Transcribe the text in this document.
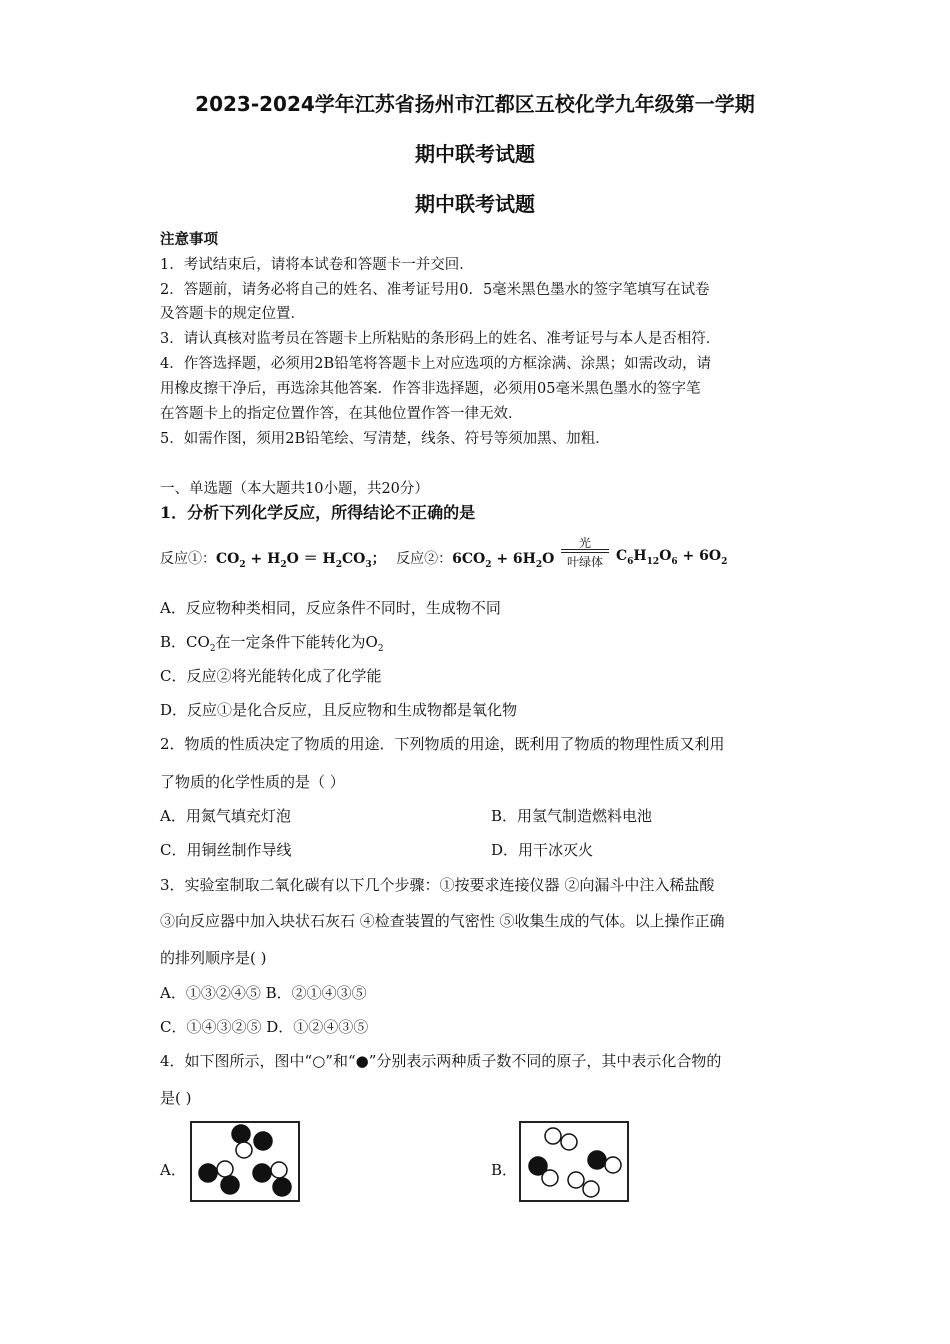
2023-2024学年江苏省扬州市江都区五校化学九年级第一学期
期中联考试题
期中联考试题
注意事项
1．考试结束后，请将本试卷和答题卡一并交回．
2．答题前，请务必将自己的姓名、准考证号用0．5毫米黑色墨水的签字笔填写在试卷
及答题卡的规定位置．
3．请认真核对监考员在答题卡上所粘贴的条形码上的姓名、准考证号与本人是否相符．
4．作答选择题，必须用2B铅笔将答题卡上对应选项的方框涂满、涂黑；如需改动，请
用橡皮擦干净后，再选涂其他答案．作答非选择题，必须用05毫米黑色墨水的签字笔
在答题卡上的指定位置作答，在其他位置作答一律无效．
5．如需作图，须用2B铅笔绘、写清楚，线条、符号等须加黑、加粗．
一、单选题（本大题共10小题，共20分）
1．分析下列化学反应，所得结论不正确的是
反应①：$CO_2 + H_2O = H_2CO_3$； 反应②：$6CO_2 + 6H_2O$
光
叶绿体 $C_6H_{12}O_6 + 6O_2$
A．反应物种类相同，反应条件不同时，生成物不同
B．$CO_2$在一定条件下能转化为$O_2$
C．反应②将光能转化成了化学能
D．反应①是化合反应，且反应物和生成物都是氧化物
2．物质的性质决定了物质的用途．下列物质的用途，既利用了物质的物理性质又利用
了物质的化学性质的是（ ）
A．用氮气填充灯泡	B．用氢气制造燃料电池
C．用铜丝制作导线	D．用干冰灭火
3．实验室制取二氧化碳有以下几个步骤：①按要求连接仪器 ②向漏斗中注入稀盐酸
③向反应器中加入块状石灰石 ④检查装置的气密性 ⑤收集生成的气体。以上操作正确
的排列顺序是( )
A．①③②④⑤ B．②①④③⑤
C．①④③②⑤ D．①②④③⑤
4．如下图所示，图中“○”和“●”分别表示两种质子数不同的原子，其中表示化合物的
是( )
A．	B．
